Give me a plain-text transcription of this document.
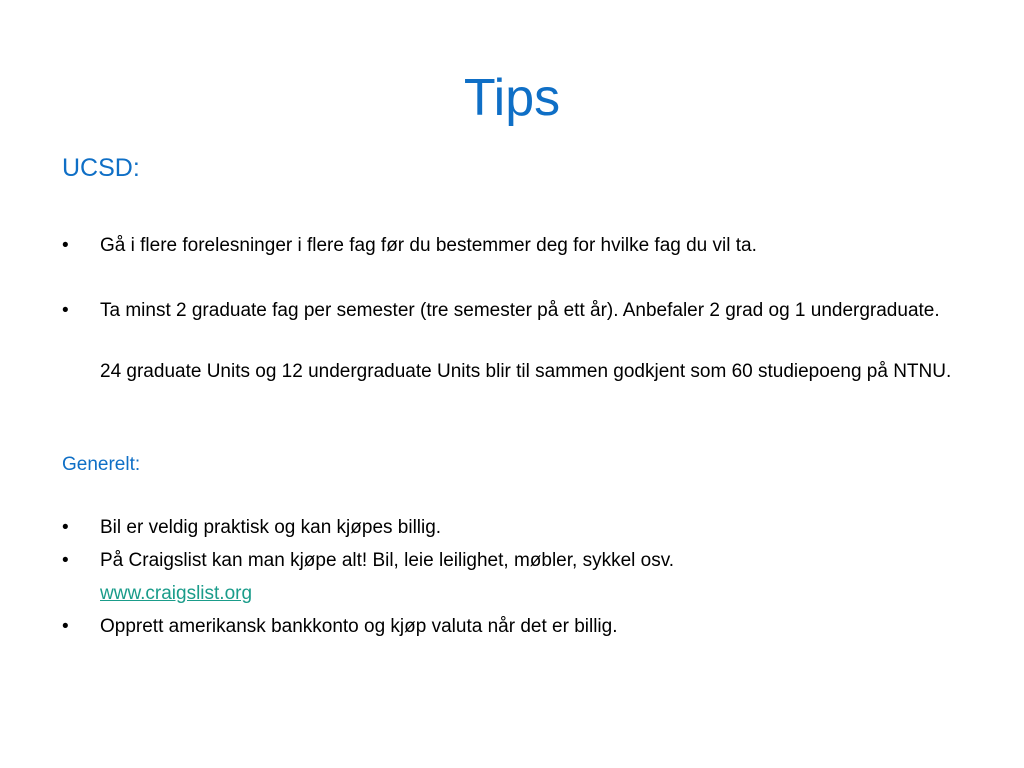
Tips
UCSD:
•	Gå i flere forelesninger i flere fag før du bestemmer deg for hvilke fag du vil ta.
•	Ta minst 2 graduate fag per semester (tre semester på ett år). Anbefaler 2 grad og 1 undergraduate.
24 graduate Units og 12 undergraduate Units blir til sammen godkjent som 60 studiepoeng på NTNU.
Generelt:
•	Bil er veldig praktisk og kan kjøpes billig.
•	På Craigslist kan man kjøpe alt! Bil, leie leilighet, møbler, sykkel osv.
www.craigslist.org
•	Opprett amerikansk bankkonto og kjøp valuta når det er billig.
